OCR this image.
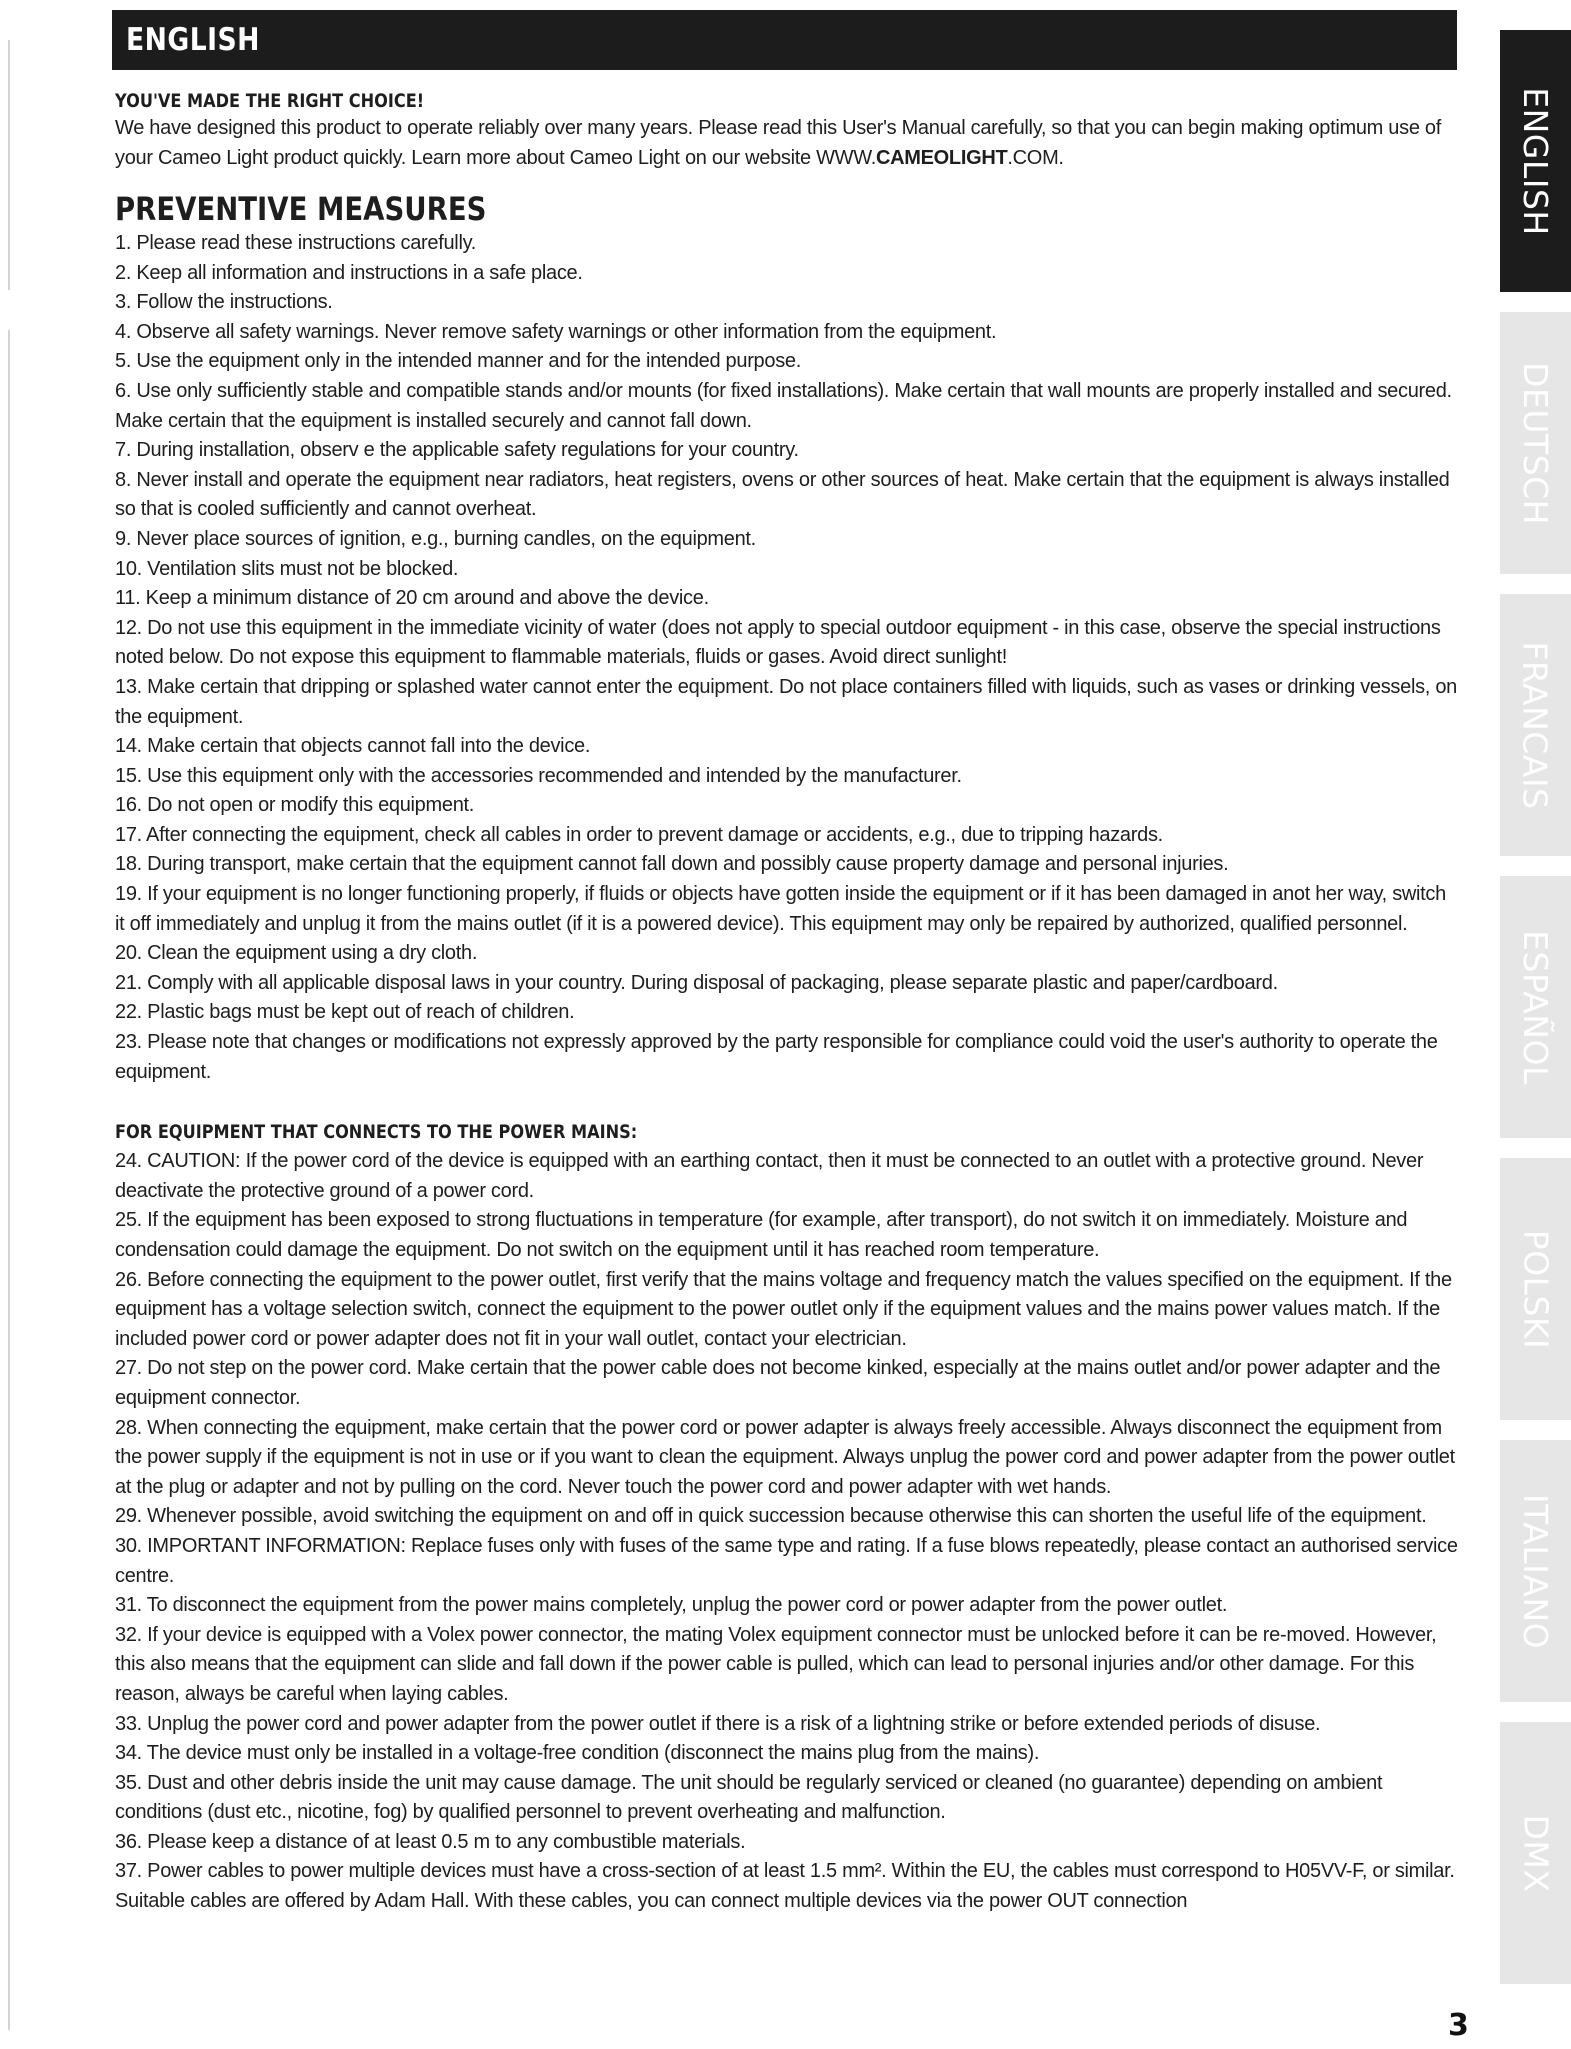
ENGLISH

YOU'VE MADE THE RIGHT CHOICE!

We have designed this product to operate reliably over many years. Please read this User's Manual carefully, so that you can begin making optimum use of your Cameo Light product quickly. Learn more about Cameo Light on our website WWW.CAMEOLIGHT.COM.

PREVENTIVE MEASURES

1. Please read these instructions carefully.

2. Keep all information and instructions in a safe place.

3. Follow the instructions.

4. Observe all safety warnings. Never remove safety warnings or other information from the equipment.

5. Use the equipment only in the intended manner and for the intended purpose.

6. Use only sufficiently stable and compatible stands and/or mounts (for fixed installations). Make certain that wall mounts are properly installed and secured. Make certain that the equipment is installed securely and cannot fall down.

7. During installation, observ e the applicable safety regulations for your country.

8. Never install and operate the equipment near radiators, heat registers, ovens or other sources of heat. Make certain that the equipment is always installed so that is cooled sufficiently and cannot overheat.

9. Never place sources of ignition, e.g., burning candles, on the equipment.

10. Ventilation slits must not be blocked.

11. Keep a minimum distance of 20 cm around and above the device.

12. Do not use this equipment in the immediate vicinity of water (does not apply to special outdoor equipment - in this case, observe the special instructions noted below. Do not expose this equipment to flammable materials, fluids or gases. Avoid direct sunlight!

13. Make certain that dripping or splashed water cannot enter the equipment. Do not place containers filled with liquids, such as vases or drinking vessels, on the equipment.

14. Make certain that objects cannot fall into the device.

15. Use this equipment only with the accessories recommended and intended by the manufacturer.

16. Do not open or modify this equipment.

17. After connecting the equipment, check all cables in order to prevent damage or accidents, e.g., due to tripping hazards.

18. During transport, make certain that the equipment cannot fall down and possibly cause property damage and personal injuries.

19. If your equipment is no longer functioning properly, if fluids or objects have gotten inside the equipment or if it has been damaged in anot her way, switch it off immediately and unplug it from the mains outlet (if it is a powered device). This equipment may only be repaired by authorized, qualified personnel.

20. Clean the equipment using a dry cloth.

21. Comply with all applicable disposal laws in your country. During disposal of packaging, please separate plastic and paper/cardboard.

22. Plastic bags must be kept out of reach of children.

23. Please note that changes or modifications not expressly approved by the party responsible for compliance could void the user's authority to operate the equipment.

FOR EQUIPMENT THAT CONNECTS TO THE POWER MAINS:

24. CAUTION: If the power cord of the device is equipped with an earthing contact, then it must be connected to an outlet with a protective ground. Never deactivate the protective ground of a power cord.

25. If the equipment has been exposed to strong fluctuations in temperature (for example, after transport), do not switch it on immediately. Moisture and condensation could damage the equipment. Do not switch on the equipment until it has reached room temperature.

26. Before connecting the equipment to the power outlet, first verify that the mains voltage and frequency match the values specified on the equipment. If the equipment has a voltage selection switch, connect the equipment to the power outlet only if the equipment values and the mains power values match. If the included power cord or power adapter does not fit in your wall outlet, contact your electrician.

27. Do not step on the power cord. Make certain that the power cable does not become kinked, especially at the mains outlet and/or power adapter and the equipment connector.

28. When connecting the equipment, make certain that the power cord or power adapter is always freely accessible. Always disconnect the equipment from the power supply if the equipment is not in use or if you want to clean the equipment. Always unplug the power cord and power adapter from the power outlet at the plug or adapter and not by pulling on the cord. Never touch the power cord and power adapter with wet hands.

29. Whenever possible, avoid switching the equipment on and off in quick succession because otherwise this can shorten the useful life of the equipment.

30. IMPORTANT INFORMATION: Replace fuses only with fuses of the same type and rating. If a fuse blows repeatedly, please contact an authorised service centre.

31. To disconnect the equipment from the power mains completely, unplug the power cord or power adapter from the power outlet.

32. If your device is equipped with a Volex power connector, the mating Volex equipment connector must be unlocked before it can be re-moved. However, this also means that the equipment can slide and fall down if the power cable is pulled, which can lead to personal injuries and/or other damage. For this reason, always be careful when laying cables.

33. Unplug the power cord and power adapter from the power outlet if there is a risk of a lightning strike or before extended periods of disuse.

34. The device must only be installed in a voltage-free condition (disconnect the mains plug from the mains).

35. Dust and other debris inside the unit may cause damage. The unit should be regularly serviced or cleaned (no guarantee) depending on ambient conditions (dust etc., nicotine, fog) by qualified personnel to prevent overheating and malfunction.

36. Please keep a distance of at least 0.5 m to any combustible materials.

37. Power cables to power multiple devices must have a cross-section of at least 1.5 mm². Within the EU, the cables must correspond to H05VV-F, or similar. Suitable cables are offered by Adam Hall. With these cables, you can connect multiple devices via the power OUT connection

3
ENGLISH
DEUTSCH
FRANCAIS
ESPAÑOL
POLSKI
ITALIANO
DMX
